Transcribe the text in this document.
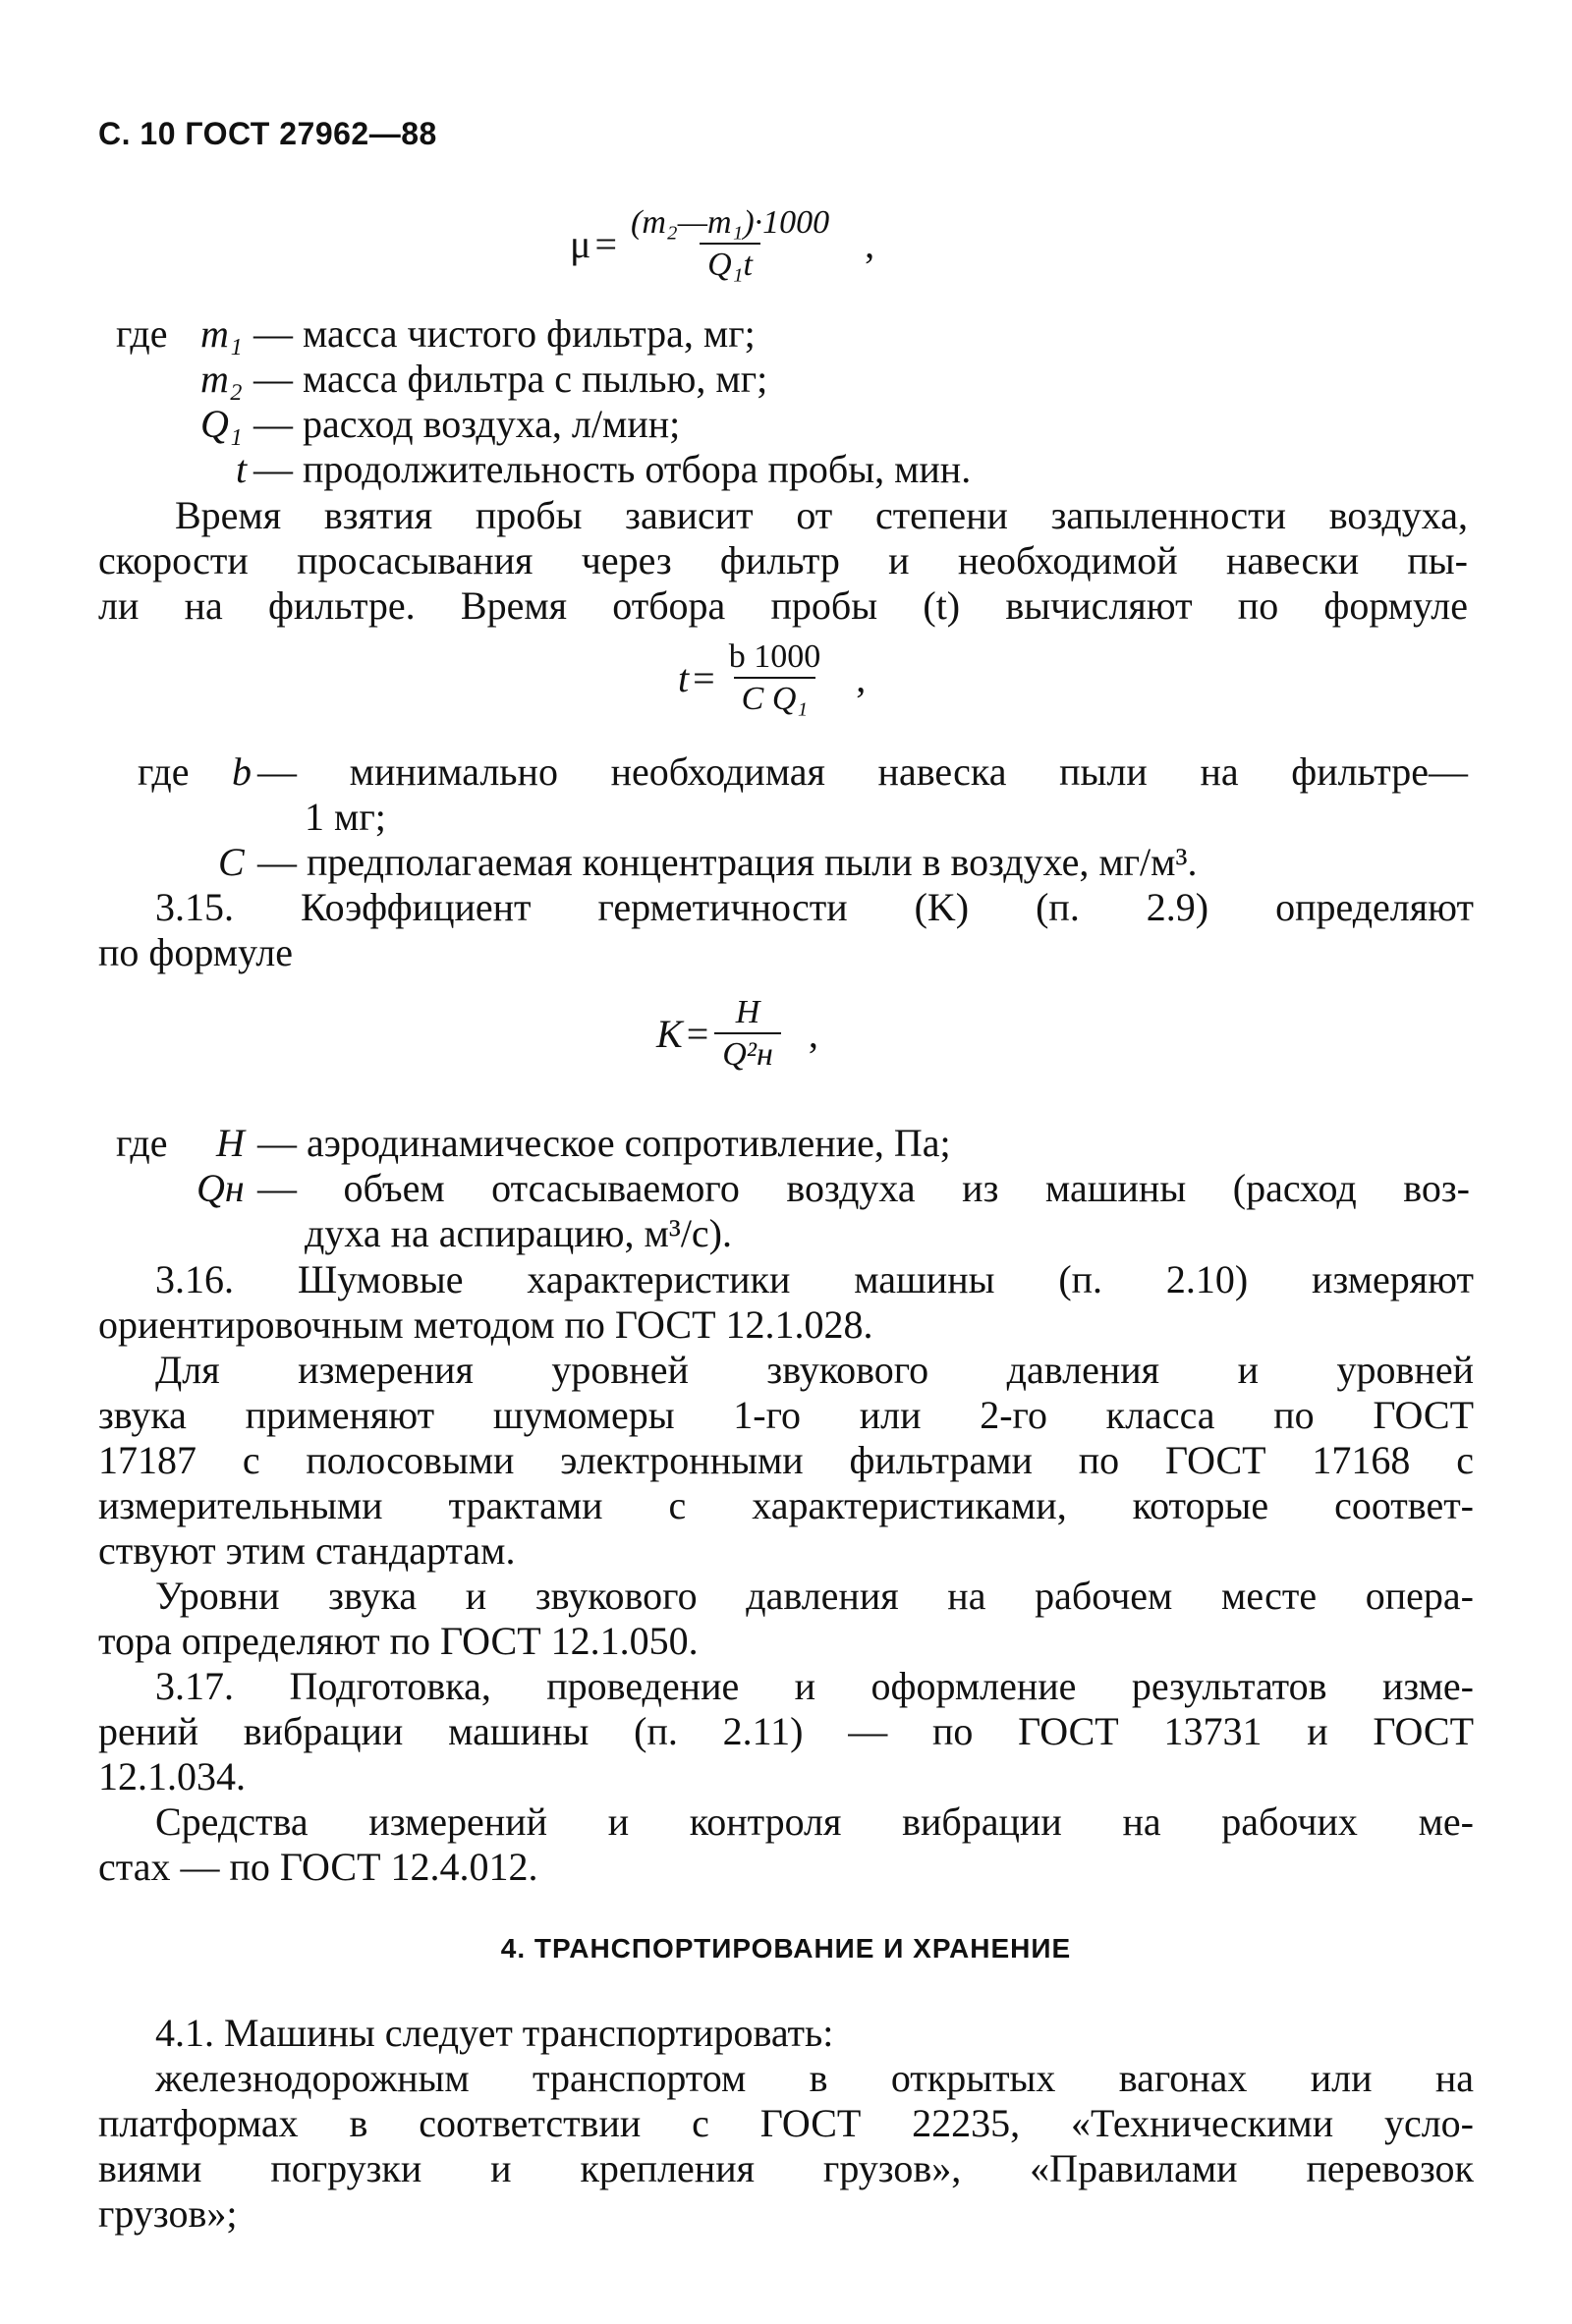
С. 10 ГОСТ 27962—88
$\mu = \frac{\text{(m₂—m₁)·1000}}{\text{Q₁t}}$ ,
где m₁ — масса чистого фильтра, мг;
m₂ — масса фильтра с пылью, мг;
Q₁ — расход воздуха, л/мин;
t — продолжительность отбора пробы, мин.
Время взятия пробы зависит от степени запыленности воздуха,
скорости просасывания через фильтр и необходимой навески пы-
ли на фильтре. Время отбора пробы (t) вычисляют по формуле
$t = \frac{b 1000}{\text{C Q₁}}$ ,
где b — минимально необходимая навеска пыли на фильтре—
1 мг;
C — предполагаемая концентрация пыли в воздухе, мг/м³.
3.15. Коэффициент герметичности (K) (п. 2.9) определяют
по формуле
$K = \frac{H}{\text{Q²н}}$ ,
где H — аэродинамическое сопротивление, Па;
Qн — объем отсасываемого воздуха из машины (расход воз-
духа на аспирацию, м³/с).
3.16. Шумовые характеристики машины (п. 2.10) измеряют
ориентировочным методом по ГОСТ 12.1.028.
Для измерения уровней звукового давления и уровней
звука применяют шумомеры 1-го или 2-го класса по ГОСТ
17187 с полосовыми электронными фильтрами по ГОСТ 17168 с
измерительными трактами с характеристиками, которые соответ-
ствуют этим стандартам.
Уровни звука и звукового давления на рабочем месте опера-
тора определяют по ГОСТ 12.1.050.
3.17. Подготовка, проведение и оформление результатов изме-
рений вибрации машины (п. 2.11) — по ГОСТ 13731 и ГОСТ
12.1.034.
Средства измерений и контроля вибрации на рабочих ме-
стах — по ГОСТ 12.4.012.
4. ТРАНСПОРТИРОВАНИЕ И ХРАНЕНИЕ
4.1. Машины следует транспортировать:
железнодорожным транспортом в открытых вагонах или на
платформах в соответствии с ГОСТ 22235, «Техническими усло-
виями погрузки и крепления грузов», «Правилами перевозок
грузов»;
